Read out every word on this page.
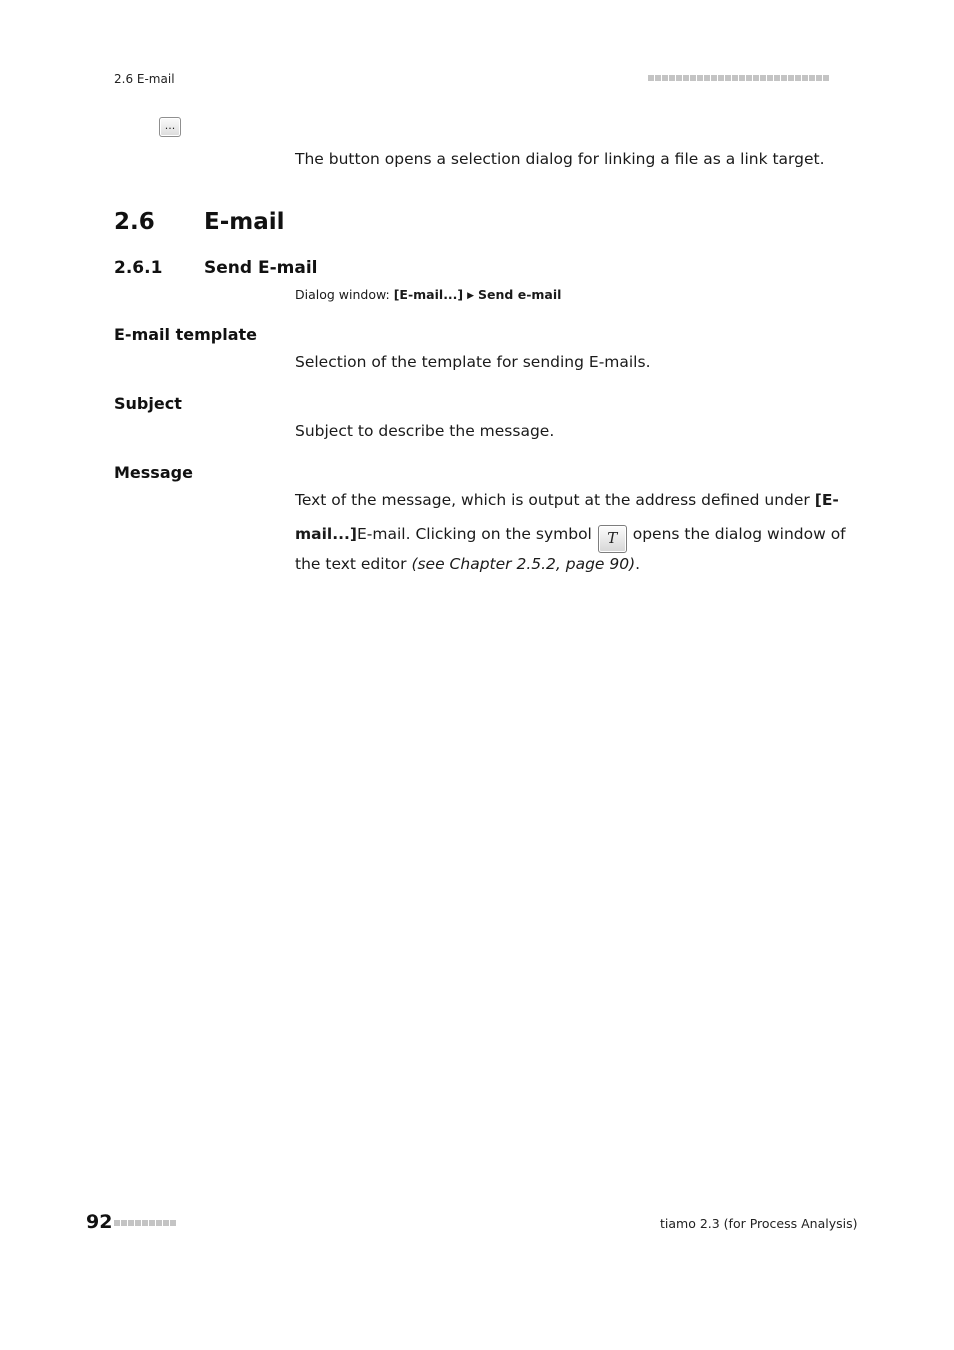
2.6 E-mail
...
The button opens a selection dialog for linking a file as a link target.
2.6 E-mail
2.6.1 Send E-mail
Dialog window: [E-mail...] ▶ Send e-mail
E-mail template
Selection of the template for sending E-mails.
Subject
Subject to describe the message.
Message
Text of the message, which is output at the address defined under [E-
mail...]E-mail. Clicking on the symbol T opens the dialog window of
the text editor (see Chapter 2.5.2, page 90).
92	tiamo 2.3 (for Process Analysis)
